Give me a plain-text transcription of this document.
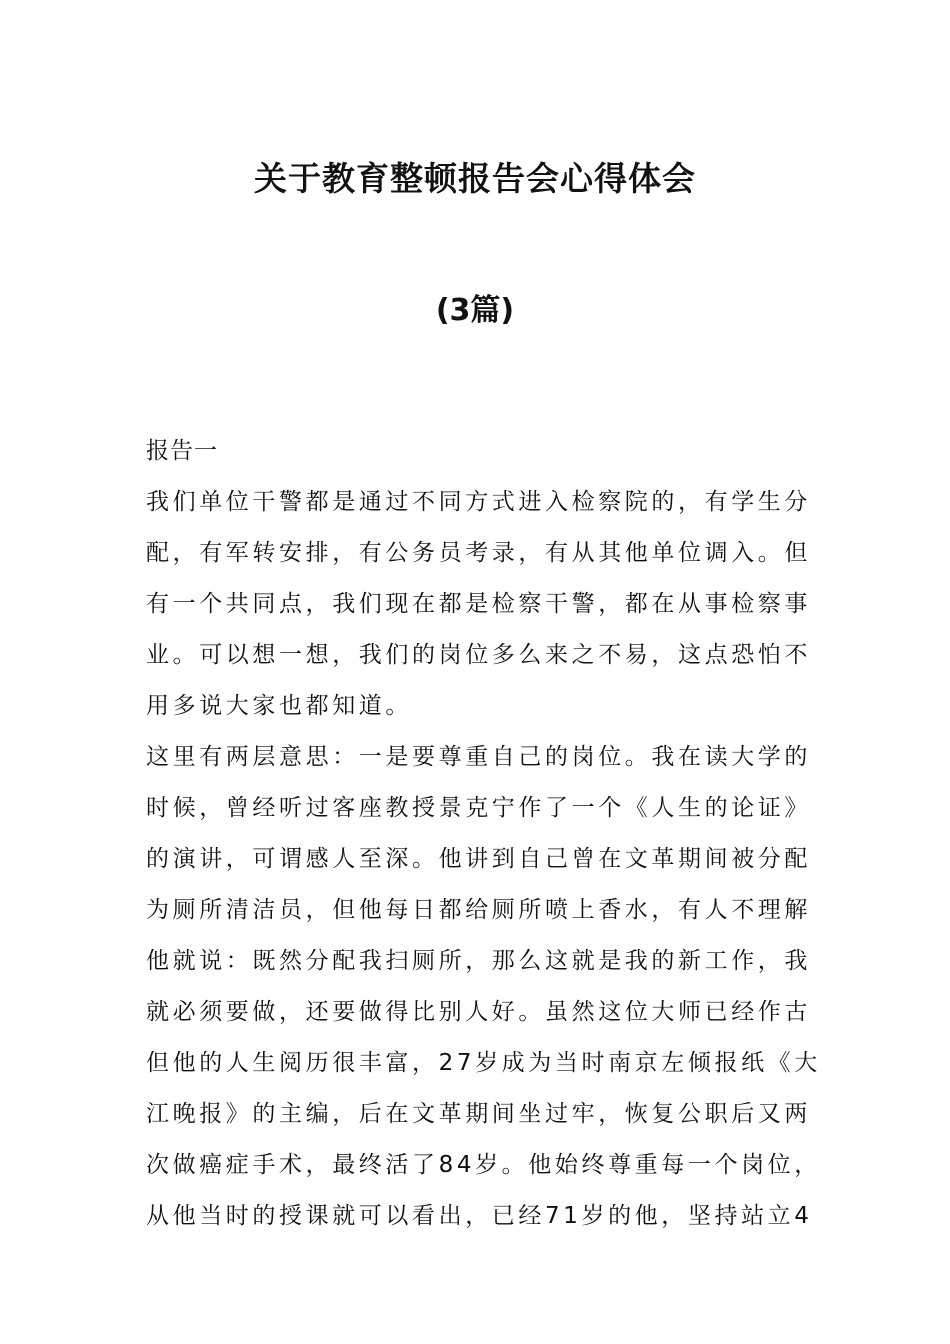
关于教育整顿报告会心得体会
(3篇)
报告一
我们单位干警都是通过不同方式进入检察院的，有学生分
配，有军转安排，有公务员考录，有从其他单位调入。但
有一个共同点，我们现在都是检察干警，都在从事检察事
业。可以想一想，我们的岗位多么来之不易，这点恐怕不
用多说大家也都知道。
这里有两层意思：一是要尊重自己的岗位。我在读大学的
时候，曾经听过客座教授景克宁作了一个《人生的论证》
的演讲，可谓感人至深。他讲到自己曾在文革期间被分配
为厕所清洁员，但他每日都给厕所喷上香水，有人不理解
他就说：既然分配我扫厕所，那么这就是我的新工作，我
就必须要做，还要做得比别人好。虽然这位大师已经作古
但他的人生阅历很丰富，27岁成为当时南京左倾报纸《大
江晚报》的主编，后在文革期间坐过牢，恢复公职后又两
次做癌症手术，最终活了84岁。他始终尊重每一个岗位，
从他当时的授课就可以看出，已经71岁的他，坚持站立4
